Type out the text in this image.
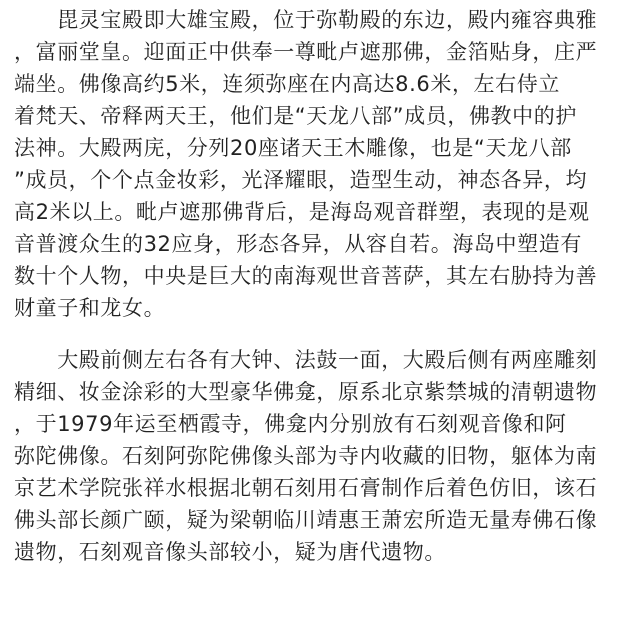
　　毘灵宝殿即大雄宝殿，位于弥勒殿的东边，殿内雍容典雅
，富丽堂皇。迎面正中供奉一尊毗卢遮那佛，金箔贴身，庄严
端坐。佛像高约5米，连须弥座在内高达8.6米，左右侍立
着梵天、帝释两天王，他们是“天龙八部”成员，佛教中的护
法神。大殿两庑，分列20座诸天王木雕像，也是“天龙八部
”成员，个个点金妆彩，光泽耀眼，造型生动，神态各异，均
高2米以上。毗卢遮那佛背后，是海岛观音群塑，表现的是观
音普渡众生的32应身，形态各异，从容自若。海岛中塑造有
数十个人物，中央是巨大的南海观世音菩萨，其左右胁持为善
财童子和龙女。
　　大殿前侧左右各有大钟、法鼓一面，大殿后侧有两座雕刻
精细、妆金涂彩的大型豪华佛龛，原系北京紫禁城的清朝遗物
，于1979年运至栖霞寺，佛龛内分别放有石刻观音像和阿
弥陀佛像。石刻阿弥陀佛像头部为寺内收藏的旧物，躯体为南
京艺术学院张祥水根据北朝石刻用石膏制作后着色仿旧，该石
佛头部长颜广颐，疑为梁朝临川靖惠王萧宏所造无量寿佛石像
遗物，石刻观音像头部较小，疑为唐代遗物。
